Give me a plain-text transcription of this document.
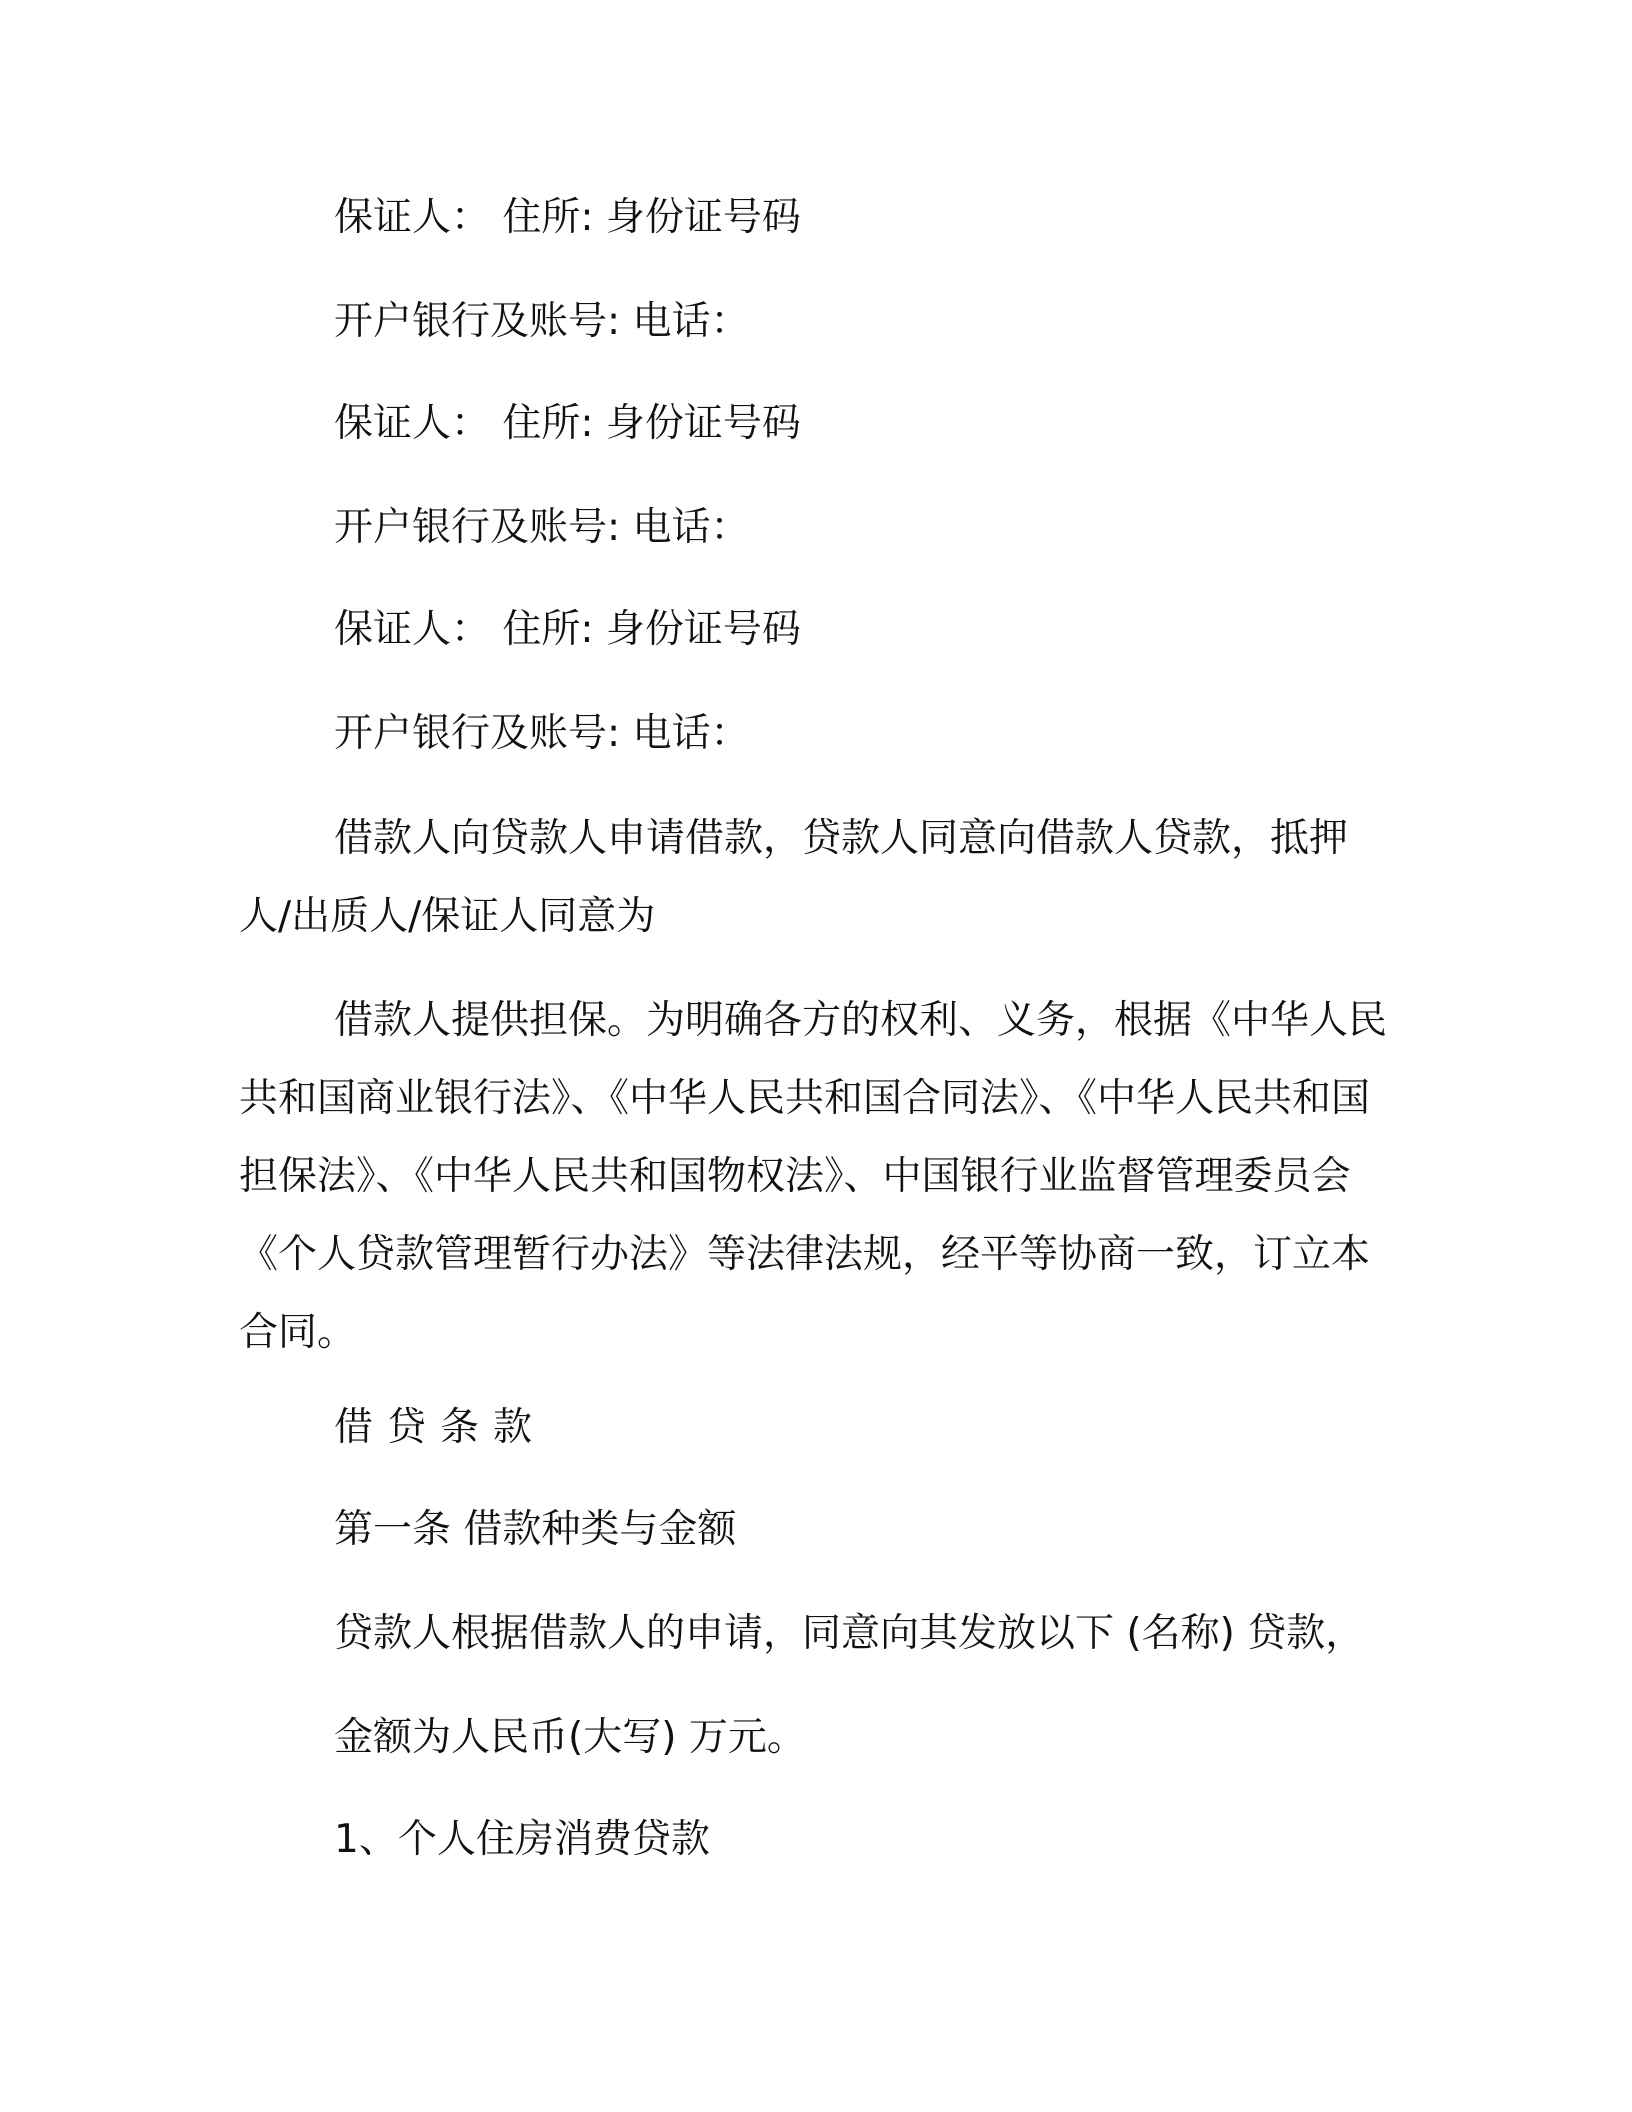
保证人： 住所: 身份证号码
开户银行及账号: 电话：
保证人： 住所: 身份证号码
开户银行及账号: 电话：
保证人： 住所: 身份证号码
开户银行及账号: 电话：
借款人向贷款人申请借款，贷款人同意向借款人贷款，抵押人/出质人/保证人同意为
借款人提供担保。为明确各方的权利、义务，根据《中华人民共和国商业银行法》、《中华人民共和国合同法》、《中华人民共和国担保法》、《中华人民共和国物权法》、中国银行业监督管理委员会《个人贷款管理暂行办法》等法律法规，经平等协商一致，订立本合同。
借贷条款
第一条 借款种类与金额
贷款人根据借款人的申请，同意向其发放以下 (名称) 贷款，
金额为人民币(大写) 万元。
1、个人住房消费贷款
